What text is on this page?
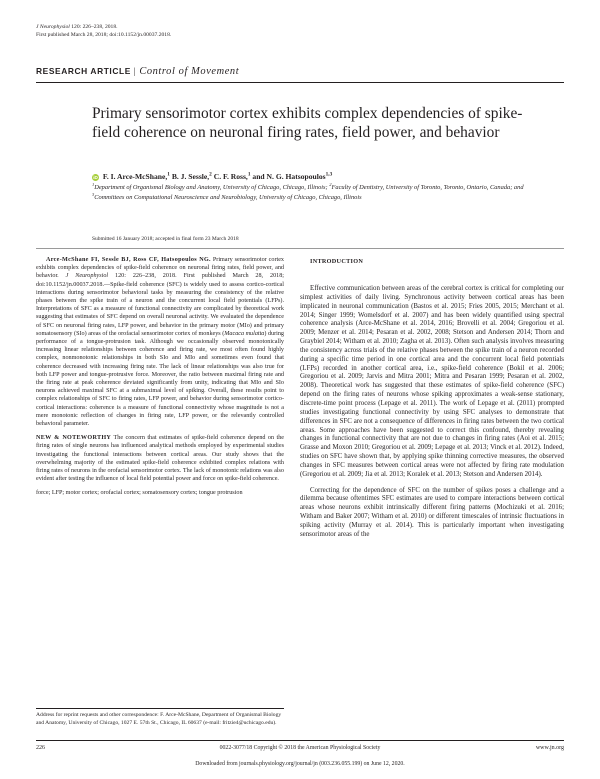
J Neurophysiol 120: 226–238, 2018.
First published March 28, 2018; doi:10.1152/jn.00037.2018.
RESEARCH ARTICLE | Control of Movement
Primary sensorimotor cortex exhibits complex dependencies of spike-field coherence on neuronal firing rates, field power, and behavior
iD F. I. Arce-McShane,$^1$ B. J. Sessle,$^2$ C. F. Ross,$^1$ and N. G. Hatsopoulos$^{1,3}$
$^1$Department of Organismal Biology and Anatomy, University of Chicago, Chicago, Illinois; $^2$Faculty of Dentistry, University of Toronto, Toronto, Ontario, Canada; and $^3$Committees on Computational Neuroscience and Neurobiology, University of Chicago, Chicago, Illinois
Submitted 16 January 2018; accepted in final form 23 March 2018

Arce-McShane FI, Sessle BJ, Ross CF, Hatsopoulos NG. Primary sensorimotor cortex exhibits complex dependencies of spike-field coherence on neuronal firing rates, field power, and behavior. J Neurophysiol 120: 226–238, 2018. First published March 28, 2018; doi:10.1152/jn.00037.2018.—Spike-field coherence (SFC) is widely used to assess cortico-cortical interactions during sensorimotor behavioral tasks by measuring the consistency of the relative phases between the spike train of a neuron and the concurrent local field potentials (LFPs). Interpretations of SFC as a measure of functional connectivity are complicated by theoretical work suggesting that estimates of SFC depend on overall neuronal activity. We evaluated the dependence of SFC on neuronal firing rates, LFP power, and behavior in the primary motor (MIo) and primary somatosensory (SIo) areas of the orofacial sensorimotor cortex of monkeys (Macaca mulatta) during performance of a tongue-protrusion task. Although we occasionally observed monotonically increasing linear relationships between coherence and firing rate, we most often found highly complex, nonmonotonic relationships in both SIo and MIo and sometimes even found that coherence decreased with increasing firing rate. The lack of linear relationships was also true for both LFP power and tongue-protrusive force. Moreover, the ratio between maximal firing rate and the firing rate at peak coherence deviated significantly from unity, indicating that MIo and SIo neurons achieved maximal SFC at a submaximal level of spiking. Overall, these results point to complex relationships of SFC to firing rates, LFP power, and behavior during sensorimotor cortico-cortical interactions: coherence is a measure of functional connectivity whose magnitude is not a mere monotonic reflection of changes in firing rate, LFP power, or the relevantly controlled behavioral parameter.

NEW & NOTEWORTHY The concern that estimates of spike-field coherence depend on the firing rates of single neurons has influenced analytical methods employed by experimental studies investigating the functional interactions between cortical areas. Our study shows that the overwhelming majority of the estimated spike-field coherence exhibited complex relations with firing rates of neurons in the orofacial sensorimotor cortex. The lack of monotonic relations was also evident after testing the influence of local field potential power and force on spike-field coherence.

force; LFP; motor cortex; orofacial cortex; somatosensory cortex; tongue protrusion

INTRODUCTION

Effective communication between areas of the cerebral cortex is critical for completing our simplest activities of daily living. Synchronous activity between cortical areas has been implicated in neuronal communication (Bastos et al. 2015; Fries 2005, 2015; Merchant et al. 2014; Singer 1999; Womelsdorf et al. 2007) and has been widely quantified using spectral coherence analysis (Arce-McShane et al. 2014, 2016; Brovelli et al. 2004; Gregoriou et al. 2009; Menzer et al. 2014; Pesaran et al. 2002, 2008; Stetson and Andersen 2014; Thorn and Graybiel 2014; Witham et al. 2010; Zagha et al. 2013). Often such analysis involves measuring the consistency across trials of the relative phases between the spike train of a neuron recorded during a specific time period in one cortical area and the concurrent local field potentials (LFPs) recorded in another cortical area, i.e., spike-field coherence (Bokil et al. 2006; Gregoriou et al. 2009; Jarvis and Mitra 2001; Mitra and Pesaran 1999; Pesaran et al. 2002, 2008). Theoretical work has suggested that these estimates of spike-field coherence (SFC) depend on the firing rates of neurons whose spiking approximates a weak-sense stationary, discrete-time point process (Lepage et al. 2011). The work of Lepage et al. (2011) prompted studies investigating functional connectivity by using SFC analyses to demonstrate that differences in SFC are not a consequence of differences in firing rates between the two cortical areas. Some approaches have been suggested to correct this confound, thereby revealing changes in functional connectivity that are not due to changes in firing rates (Aoi et al. 2015; Grasse and Moxon 2010; Gregoriou et al. 2009; Lepage et al. 2013; Vinck et al. 2012). Indeed, studies on SFC have shown that, by applying spike thinning corrective measures, the observed changes in SFC measures between cortical areas were not affected by firing rate modulation (Gregoriou et al. 2009; Jia et al. 2013; Koralek et al. 2013; Stetson and Andersen 2014).

Correcting for the dependence of SFC on the number of spikes poses a challenge and a dilemma because oftentimes SFC estimates are used to compare interactions between cortical areas whose neurons exhibit intrinsically different firing patterns (Mochizuki et al. 2016; Witham and Baker 2007; Witham et al. 2010) or different timescales of intrinsic fluctuations in spiking activity (Murray et al. 2014). This is particularly important when investigating sensorimotor areas of the

Address for reprint requests and other correspondence: F. Arce-McShane, Department of Organismal Biology and Anatomy, University of Chicago, 1027 E. 57th St., Chicago, IL 60637 (e-mail: fritzie4@uchicago.edu).
0022-3077/18 Copyright © 2018 the American Physiological Society
226	www.jn.org
Downloaded from journals.physiology.org/journal/jn (003.236.055.199) on June 12, 2020.
